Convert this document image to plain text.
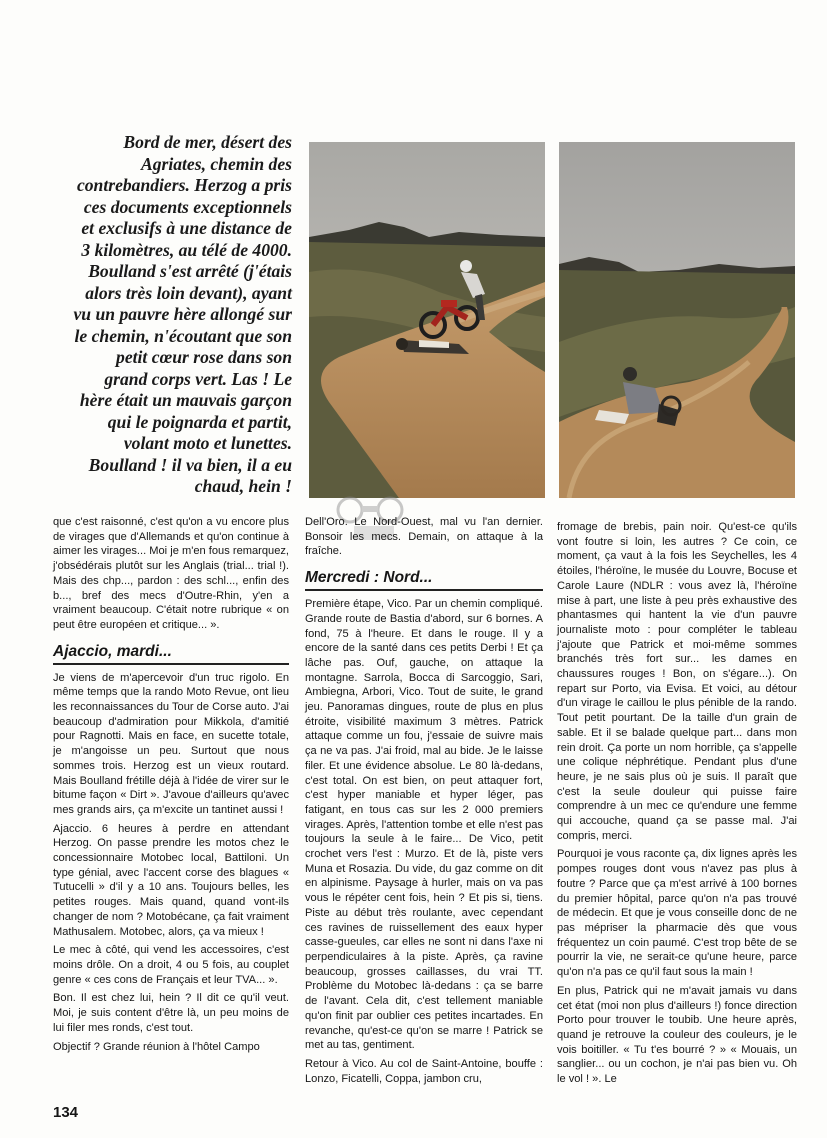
Bord de mer, désert des
Agriates, chemin des
contrebandiers. Herzog a pris
ces documents exceptionnels
et exclusifs à une distance de
3 kilomètres, au télé de 4000.
Boulland s'est arrêté (j'étais
alors très loin devant), ayant
vu un pauvre hère allongé sur
le chemin, n'écoutant que son
petit cœur rose dans son
grand corps vert. Las ! Le
hère était un mauvais garçon
qui le poignarda et partit,
volant moto et lunettes.
Boulland ! il va bien, il a eu
chaud, hein !

que c'est raisonné, c'est qu'on a vu encore plus de virages que d'Allemands et qu'on continue à aimer les virages... Moi je m'en fous remarquez, j'obsédérais plutôt sur les Anglais (trial... trial !). Mais des chp..., pardon : des schl..., enfin des b..., bref des mecs d'Outre-Rhin, y'en a vraiment beaucoup. C'était notre rubrique « on peut être européen et critique... ».

Ajaccio, mardi...

Je viens de m'apercevoir d'un truc rigolo. En même temps que la rando Moto Revue, ont lieu les reconnaissances du Tour de Corse auto. J'ai beaucoup d'admiration pour Mikkola, d'amitié pour Ragnotti. Mais en face, en sucette totale, je m'angoisse un peu. Surtout que nous sommes trois. Herzog est un vieux routard. Mais Boulland frétille déjà à l'idée de virer sur le bitume façon « Dirt ». J'avoue d'ailleurs qu'avec mes grands airs, ça m'excite un tantinet aussi !

Ajaccio. 6 heures à perdre en attendant Herzog. On passe prendre les motos chez le concessionnaire Motobec local, Battiloni. Un type génial, avec l'accent corse des blagues « Tutucelli » d'il y a 10 ans. Toujours belles, les petites rouges. Mais quand, quand vont-ils changer de nom ? Motobécane, ça fait vraiment Mathusalem. Motobec, alors, ça va mieux !

Le mec à côté, qui vend les accessoires, c'est moins drôle. On a droit, 4 ou 5 fois, au couplet genre « ces cons de Français et leur TVA... ».

Bon. Il est chez lui, hein ? Il dit ce qu'il veut. Moi, je suis content d'être là, un peu moins de lui filer mes ronds, c'est tout.

Objectif ? Grande réunion à l'hôtel Campo

Dell'Oro. Le Nord-Ouest, mal vu l'an dernier. Bonsoir les mecs. Demain, on attaque à la fraîche.

Mercredi : Nord...

Première étape, Vico. Par un chemin compliqué. Grande route de Bastia d'abord, sur 6 bornes. A fond, 75 à l'heure. Et dans le rouge. Il y a encore de la santé dans ces petits Derbi ! Et ça lâche pas. Ouf, gauche, on attaque la montagne. Sarrola, Bocca di Sarcoggio, Sari, Ambiegna, Arbori, Vico. Tout de suite, le grand jeu. Panoramas dingues, route de plus en plus étroite, visibilité maximum 3 mètres. Patrick attaque comme un fou, j'essaie de suivre mais ça ne va pas. J'ai froid, mal au bide. Je le laisse filer. Et une évidence absolue. Le 80 là-dedans, c'est total. On est bien, on peut attaquer fort, c'est hyper maniable et hyper léger, pas fatigant, en tous cas sur les 2 000 premiers virages. Après, l'attention tombe et elle n'est pas toujours la seule à le faire... De Vico, petit crochet vers l'est : Murzo. Et de là, piste vers Muna et Rosazia. Du vide, du gaz comme on dit en alpinisme. Paysage à hurler, mais on va pas vous le répéter cent fois, hein ? Et pis si, tiens. Piste au début très roulante, avec cependant ces ravines de ruissellement des eaux hyper casse-gueules, car elles ne sont ni dans l'axe ni perpendiculaires à la piste. Après, ça ravine beaucoup, grosses caillasses, du vrai TT. Problème du Motobec là-dedans : ça se barre de l'avant. Cela dit, c'est tellement maniable qu'on finit par oublier ces petites incartades. En revanche, qu'est-ce qu'on se marre ! Patrick se met au tas, gentiment.

Retour à Vico. Au col de Saint-Antoine, bouffe : Lonzo, Ficatelli, Coppa, jambon cru,

fromage de brebis, pain noir. Qu'est-ce qu'ils vont foutre si loin, les autres ? Ce coin, ce moment, ça vaut à la fois les Seychelles, les 4 étoiles, l'héroïne, le musée du Louvre, Bocuse et Carole Laure (NDLR : vous avez là, l'héroïne mise à part, une liste à peu près exhaustive des phantasmes qui hantent la vie d'un pauvre journaliste moto : pour compléter le tableau j'ajoute que Patrick et moi-même sommes branchés très fort sur... les dames en chaussures rouges ! Bon, on s'égare...). On repart sur Porto, via Evisa. Et voici, au détour d'un virage le caillou le plus pénible de la rando. Tout petit pourtant. De la taille d'un grain de sable. Et il se balade quelque part... dans mon rein droit. Ça porte un nom horrible, ça s'appelle une colique néphrétique. Pendant plus d'une heure, je ne sais plus où je suis. Il paraît que c'est la seule douleur qui puisse faire comprendre à un mec ce qu'endure une femme qui accouche, quand ça se passe mal. J'ai compris, merci.

Pourquoi je vous raconte ça, dix lignes après les pompes rouges dont vous n'avez pas plus à foutre ? Parce que ça m'est arrivé à 100 bornes du premier hôpital, parce qu'on n'a pas trouvé de médecin. Et que je vous conseille donc de ne pas mépriser la pharmacie dès que vous fréquentez un coin paumé. C'est trop bête de se pourrir la vie, ne serait-ce qu'une heure, parce qu'on n'a pas ce qu'il faut sous la main !

En plus, Patrick qui ne m'avait jamais vu dans cet état (moi non plus d'ailleurs !) fonce direction Porto pour trouver le toubib. Une heure après, quand je retrouve la couleur des couleurs, je le vois boitiller. « Tu t'es bourré ? » « Mouais, un sanglier... ou un cochon, je n'ai pas bien vu. Oh le vol ! ». Le

134
